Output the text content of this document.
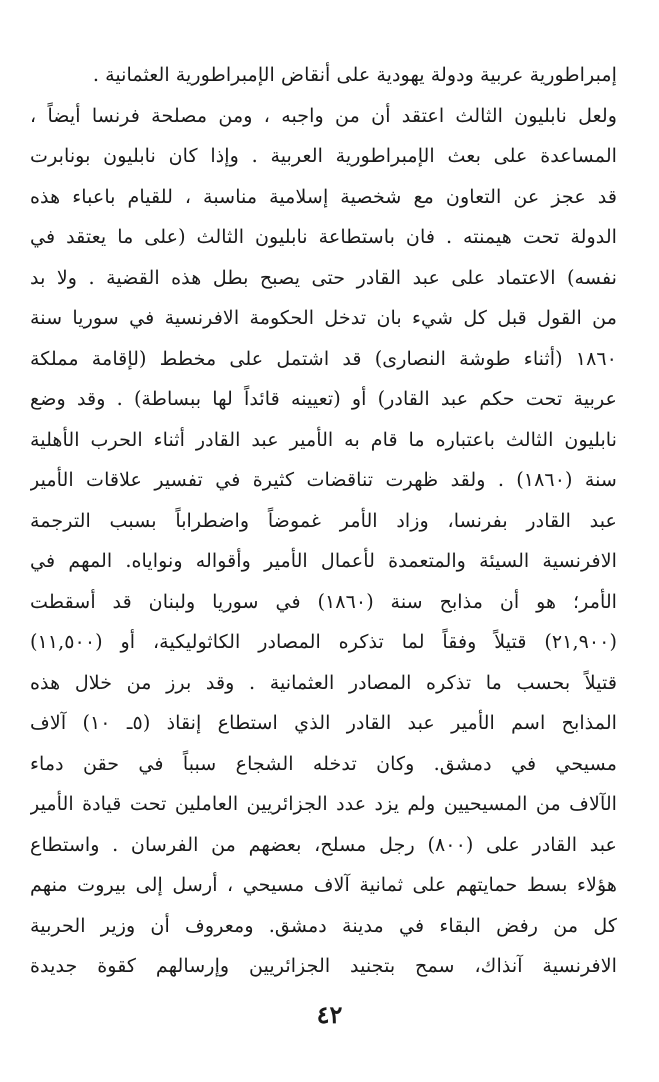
إمبراطورية عربية ودولة يهودية على أنقاض الإمبراطورية العثمانية .
ولعل نابليون الثالث اعتقد أن من واجبه ، ومن مصلحة فرنسا أيضاً ،
المساعدة على بعث الإمبراطورية العربية . وإذا كان نابليون بونابرت
قد عجز عن التعاون مع شخصية إسلامية مناسبة ، للقيام باعباء هذه
الدولة تحت هيمنته . فان باستطاعة نابليون الثالث (على ما يعتقد في
نفسه) الاعتماد على عبد القادر حتى يصبح بطل هذه القضية . ولا بد
من القول قبل كل شيء بان تدخل الحكومة الافرنسية في سوريا سنة
١٨٦٠ (أثناء طوشة النصارى) قد اشتمل على مخطط (لإقامة مملكة
عربية تحت حكم عبد القادر) أو (تعيينه قائداً لها ببساطة) . وقد وضع
نابليون الثالث باعتباره ما قام به الأمير عبد القادر أثناء الحرب الأهلية
سنة (١٨٦٠) . ولقد ظهرت تناقضات كثيرة في تفسير علاقات الأمير
عبد القادر بفرنسا، وزاد الأمر غموضاً واضطراباً بسبب الترجمة
الافرنسية السيئة والمتعمدة لأعمال الأمير وأقواله ونواياه. المهم في
الأمر؛ هو أن مذابح سنة (١٨٦٠) في سوريا ولبنان قد أسقطت
(٢١,٩٠٠) قتيلاً وفقاً لما تذكره المصادر الكاثوليكية، أو (١١,٥٠٠)
قتيلاً بحسب ما تذكره المصادر العثمانية . وقد برز من خلال هذه
المذابح اسم الأمير عبد القادر الذي استطاع إنقاذ (٥ـ ١٠) آلاف
مسيحي في دمشق. وكان تدخله الشجاع سبباً في حقن دماء
الآلاف من المسيحيين ولم يزد عدد الجزائريين العاملين تحت قيادة الأمير
عبد القادر على (٨٠٠) رجل مسلح، بعضهم من الفرسان . واستطاع
هؤلاء بسط حمايتهم على ثمانية آلاف مسيحي ، أرسل إلى بيروت منهم
كل من رفض البقاء في مدينة دمشق. ومعروف أن وزير الحربية
الافرنسية آنذاك، سمح بتجنيد الجزائريين وإرسالهم كقوة جديدة
٤٢
